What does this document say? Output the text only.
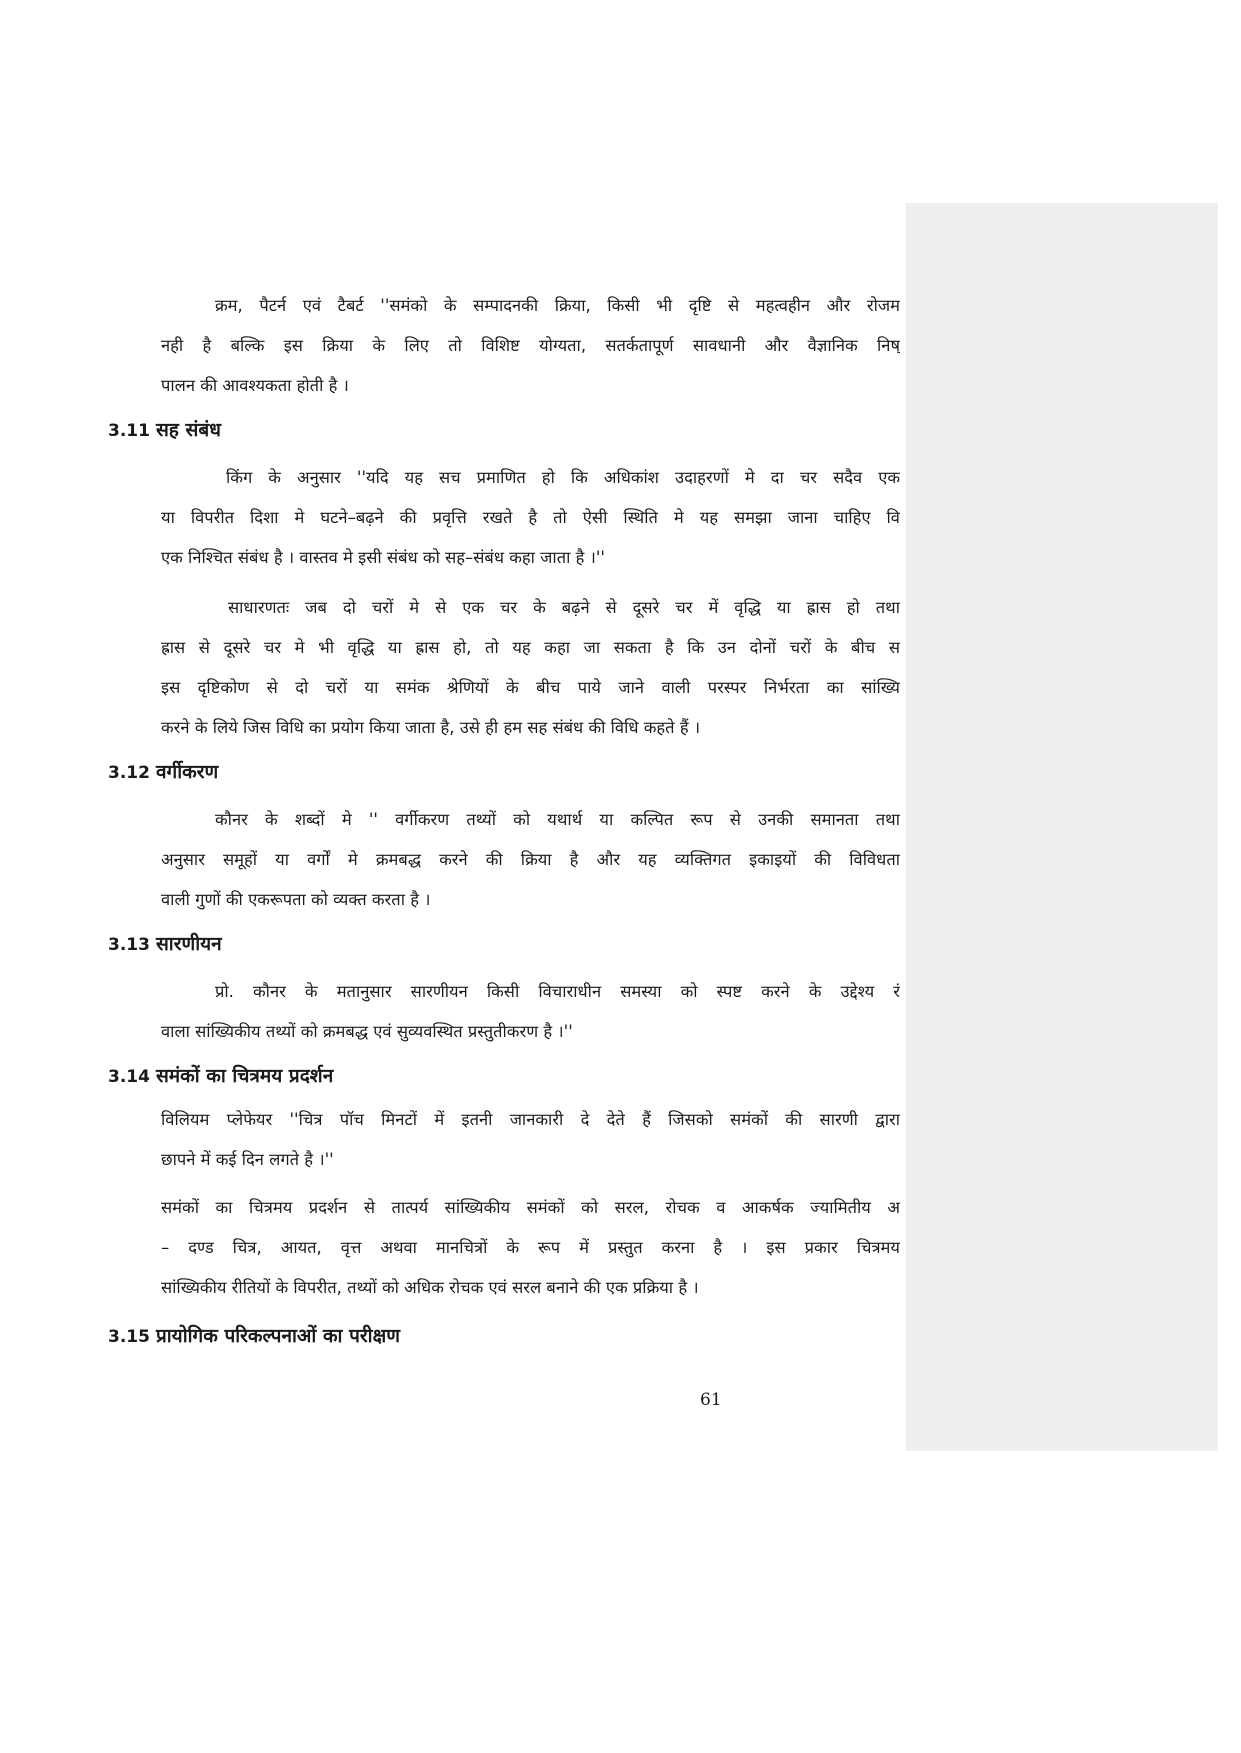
क्रम, पैटर्न एवं टैबर्ट ''समंको के सम्पादनकी क्रिया, किसी भी दृष्टि से महत्वहीन और रोजम
नही है बल्कि इस क्रिया के लिए तो विशिष्ट योग्यता, सतर्कतापूर्ण सावधानी और वैज्ञानिक निष्
पालन की आवश्यकता होती है ।
3.11 सह संबंध
किंग के अनुसार ''यदि यह सच प्रमाणित हो कि अधिकांश उदाहरणों मे दा चर सदैव एक
या विपरीत दिशा मे घटने–बढ़ने की प्रवृत्ति रखते है तो ऐसी स्थिति मे यह समझा जाना चाहिए वि
एक निश्चित संबंध है । वास्तव मे इसी संबंध को सह–संबंध कहा जाता है ।''
साधारणतः जब दो चरों मे से एक चर के बढ़ने से दूसरे चर में वृद्धि या ह्रास हो तथा
ह्रास से दूसरे चर मे भी वृद्धि या ह्रास हो, तो यह कहा जा सकता है कि उन दोनों चरों के बीच स
इस दृष्टिकोण से दो चरों या समंक श्रेणियों के बीच पाये जाने वाली परस्पर निर्भरता का सांख्यि
करने के लिये जिस विधि का प्रयोग किया जाता है, उसे ही हम सह संबंध की विधि कहते हैं ।
3.12 वर्गीकरण
कौनर के शब्दों मे '' वर्गीकरण तथ्यों को यथार्थ या कल्पित रूप से उनकी समानता तथा
अनुसार समूहों या वर्गों मे क्रमबद्ध करने की क्रिया है और यह व्यक्तिगत इकाइयों की विविधता
वाली गुणों की एकरूपता को व्यक्त करता है ।
3.13 सारणीयन
प्रो. कौनर के मतानुसार सारणीयन किसी विचाराधीन समस्या को स्पष्ट करने के उद्देश्य रं
वाला सांख्यिकीय तथ्यों को क्रमबद्ध एवं सुव्यवस्थित प्रस्तुतीकरण है ।''
3.14 समंकों का चित्रमय प्रदर्शन
विलियम प्लेफेयर ''चित्र पॉच मिनटों में इतनी जानकारी दे देते हैं जिसको समंकों की सारणी द्वारा
छापने में कई दिन लगते है ।''
समंकों का चित्रमय प्रदर्शन से तात्पर्य सांख्यिकीय समंकों को सरल, रोचक व आकर्षक ज्यामितीय अ
– दण्ड चित्र, आयत, वृत्त अथवा मानचित्रों के रूप में प्रस्तुत करना है । इस प्रकार चित्रमय
सांख्यिकीय रीतियों के विपरीत, तथ्यों को अधिक रोचक एवं सरल बनाने की एक प्रक्रिया है ।
3.15 प्रायोगिक परिकल्पनाओं का परीक्षण
61
